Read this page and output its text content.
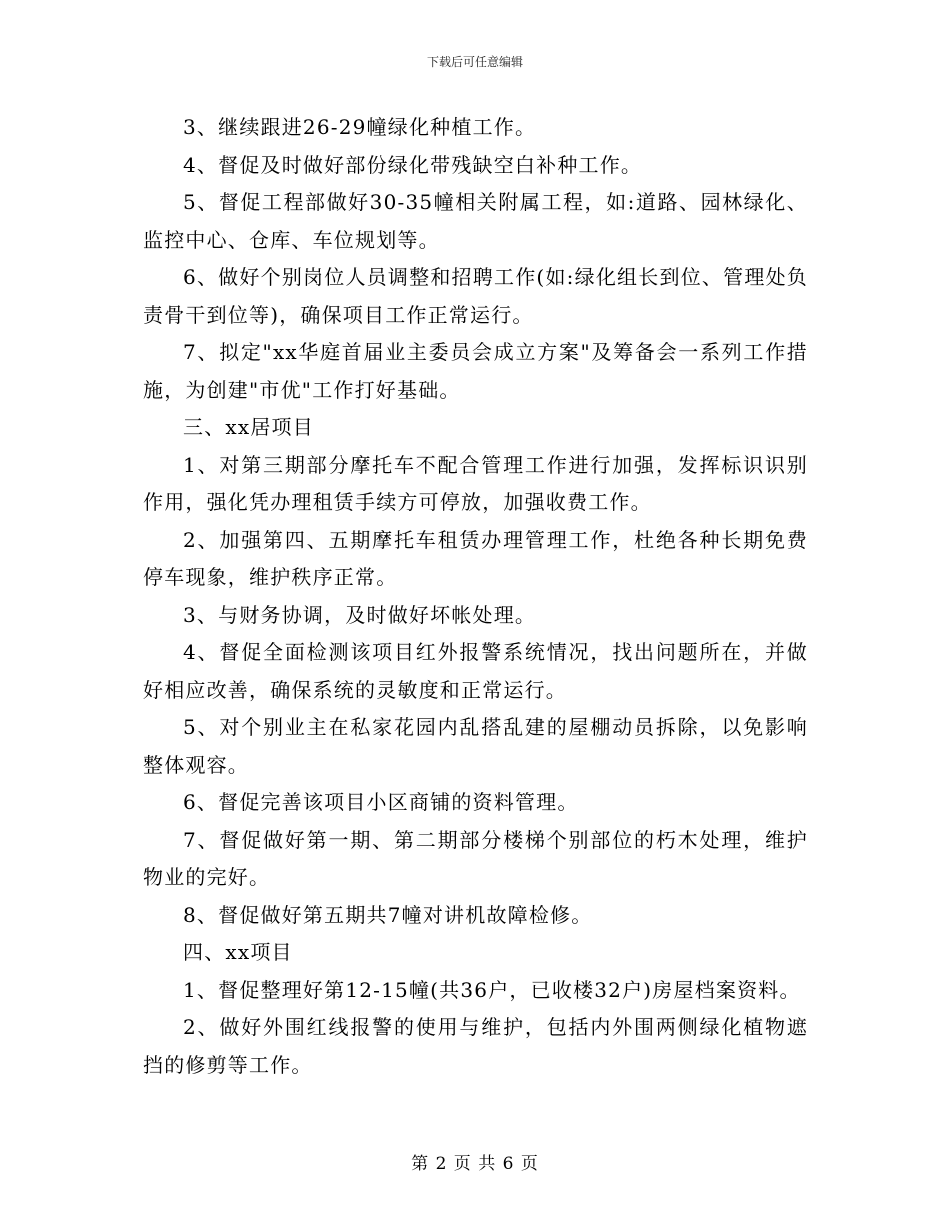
下载后可任意编辑

3、继续跟进26-29幢绿化种植工作。

4、督促及时做好部份绿化带残缺空白补种工作。

5、督促工程部做好30-35幢相关附属工程，如:道路、园林绿化、监控中心、仓库、车位规划等。

6、做好个别岗位人员调整和招聘工作(如:绿化组长到位、管理处负责骨干到位等)，确保项目工作正常运行。

7、拟定"xx华庭首届业主委员会成立方案"及筹备会一系列工作措施，为创建"市优"工作打好基础。

三、xx居项目

1、对第三期部分摩托车不配合管理工作进行加强，发挥标识识别作用，强化凭办理租赁手续方可停放，加强收费工作。

2、加强第四、五期摩托车租赁办理管理工作，杜绝各种长期免费停车现象，维护秩序正常。

3、与财务协调，及时做好坏帐处理。

4、督促全面检测该项目红外报警系统情况，找出问题所在，并做好相应改善，确保系统的灵敏度和正常运行。

5、对个别业主在私家花园内乱搭乱建的屋棚动员拆除，以免影响整体观容。

6、督促完善该项目小区商铺的资料管理。

7、督促做好第一期、第二期部分楼梯个别部位的朽木处理，维护物业的完好。

8、督促做好第五期共7幢对讲机故障检修。

四、xx项目

1、督促整理好第12-15幢(共36户，已收楼32户)房屋档案资料。

2、做好外围红线报警的使用与维护，包括内外围两侧绿化植物遮挡的修剪等工作。

第 2 页 共 6 页
